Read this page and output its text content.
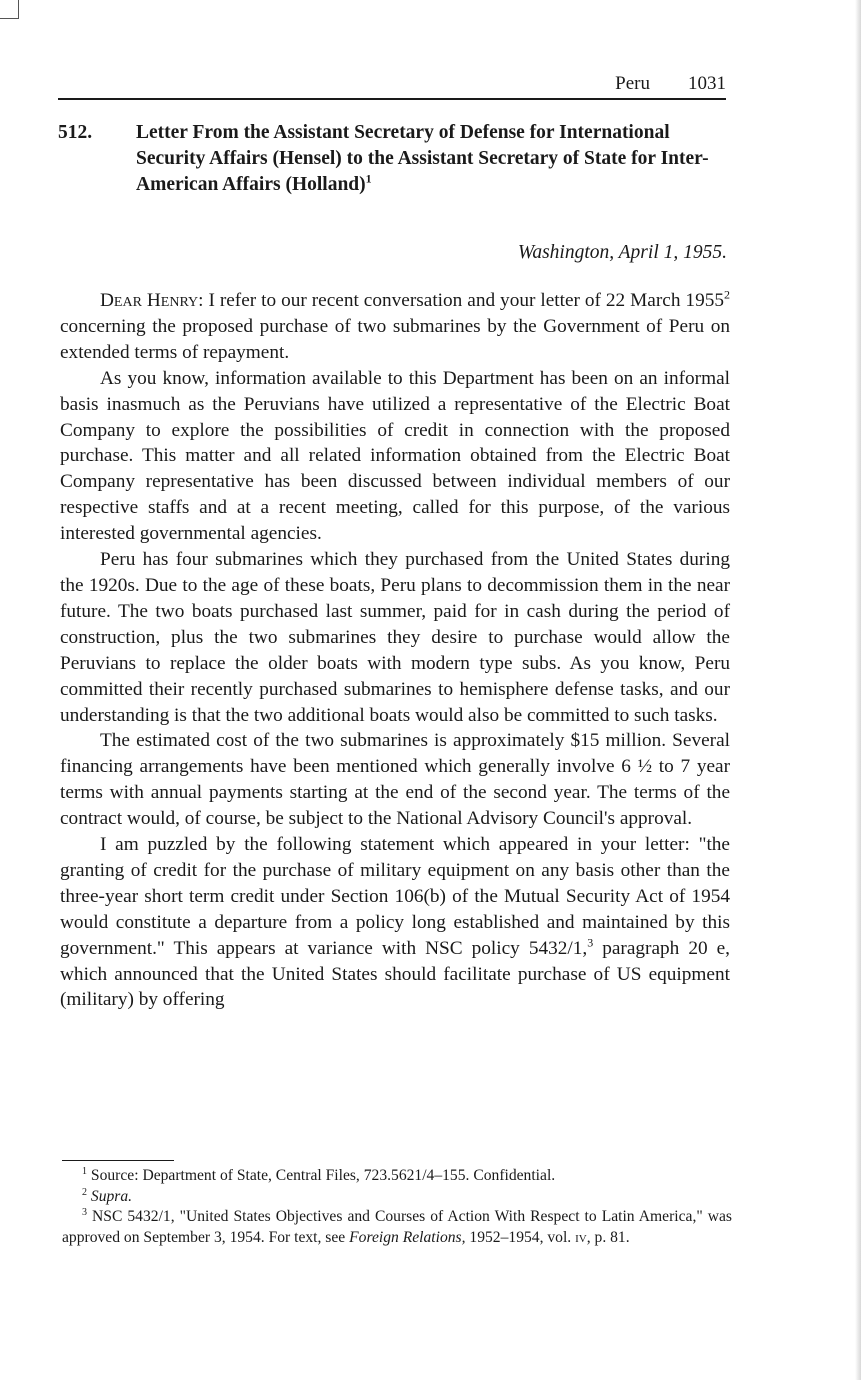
Peru 1031
512. Letter From the Assistant Secretary of Defense for International Security Affairs (Hensel) to the Assistant Secretary of State for Inter-American Affairs (Holland)$^1$
Washington, April 1, 1955.

Dear Henry: I refer to our recent conversation and your letter of 22 March 1955$^2$ concerning the proposed purchase of two submarines by the Government of Peru on extended terms of repayment.

As you know, information available to this Department has been on an informal basis inasmuch as the Peruvians have utilized a representative of the Electric Boat Company to explore the possibilities of credit in connection with the proposed purchase. This matter and all related information obtained from the Electric Boat Company representative has been discussed between individual members of our respective staffs and at a recent meeting, called for this purpose, of the various interested governmental agencies.

Peru has four submarines which they purchased from the United States during the 1920s. Due to the age of these boats, Peru plans to decommission them in the near future. The two boats purchased last summer, paid for in cash during the period of construction, plus the two submarines they desire to purchase would allow the Peruvians to replace the older boats with modern type subs. As you know, Peru committed their recently purchased submarines to hemisphere defense tasks, and our understanding is that the two additional boats would also be committed to such tasks.

The estimated cost of the two submarines is approximately $15 million. Several financing arrangements have been mentioned which generally involve 6 ½ to 7 year terms with annual payments starting at the end of the second year. The terms of the contract would, of course, be subject to the National Advisory Council's approval.

I am puzzled by the following statement which appeared in your letter: "the granting of credit for the purchase of military equipment on any basis other than the three-year short term credit under Section 106(b) of the Mutual Security Act of 1954 would constitute a departure from a policy long established and maintained by this government." This appears at variance with NSC policy 5432/1,$^3$ paragraph 20 e, which announced that the United States should facilitate purchase of US equipment (military) by offering

$^1$ Source: Department of State, Central Files, 723.5621/4–155. Confidential.

$^2$ Supra.

$^3$ NSC 5432/1, "United States Objectives and Courses of Action With Respect to Latin America," was approved on September 3, 1954. For text, see Foreign Relations, 1952–1954, vol. iv, p. 81.
